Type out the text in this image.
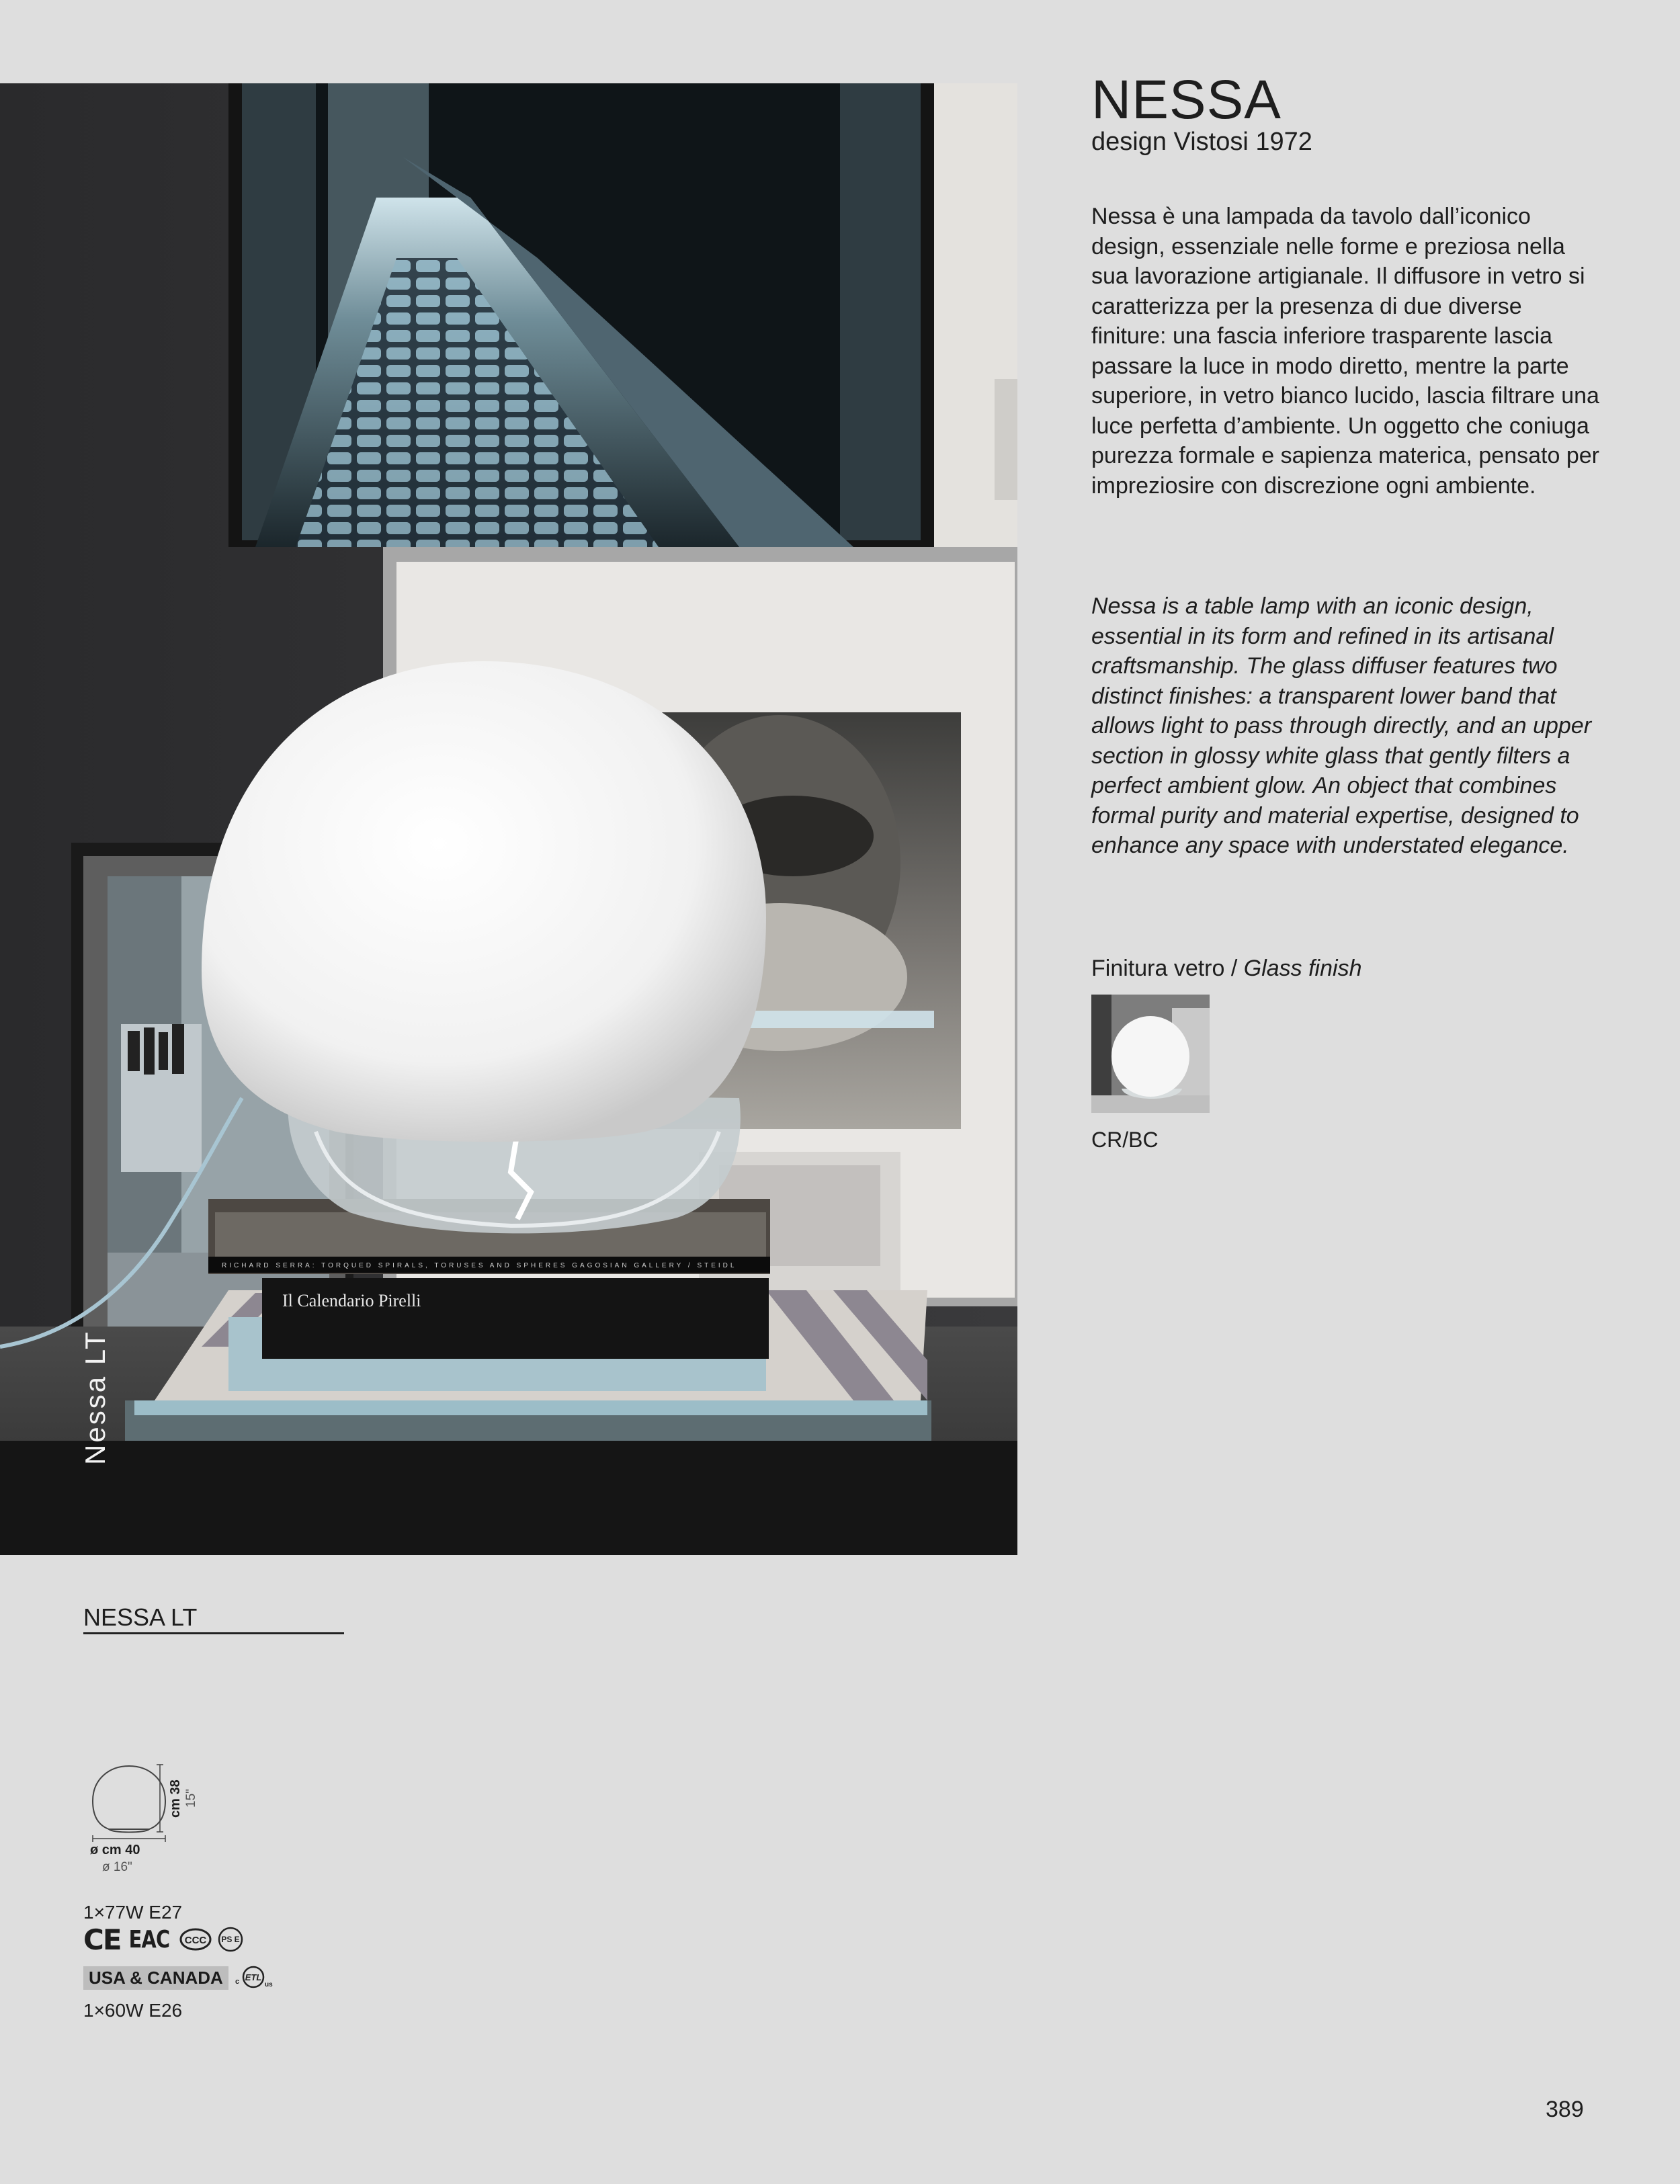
Il Calendario Pirelli
RICHARD SERRA: TORQUED SPIRALS, TORUSES AND SPHERES GAGOSIAN GALLERY / STEIDL
Nessa LT
NESSA
design Vistosi 1972

Nessa è una lampada da tavolo dall’iconico design, essenziale nelle forme e preziosa nella sua lavorazione artigianale. Il diffusore in vetro si caratterizza per la presenza di due diverse finiture: una fascia inferiore trasparente lascia passare la luce in modo diretto, mentre la parte superiore, in vetro bianco lucido, lascia filtrare una luce perfetta d’ambiente. Un oggetto che coniuga purezza formale e sapienza materica, pensato per impreziosire con discrezione ogni ambiente.

Nessa is a table lamp with an iconic design, essential in its form and refined in its artisanal craftsmanship. The glass diffuser features two distinct finishes: a transparent lower band that allows light to pass through directly, and an upper section in glossy white glass that gently filters a perfect ambient glow. An object that combines formal purity and material expertise, designed to enhance any space with understated elegance.

Finitura vetro / Glass finish
CR/BC
NESSA LT
ø cm 40
ø 16"
cm 38 15"
1×77W E27
CE EAC CCC PS E
USA & CANADA	ETL
c	us
1×60W E26
389
